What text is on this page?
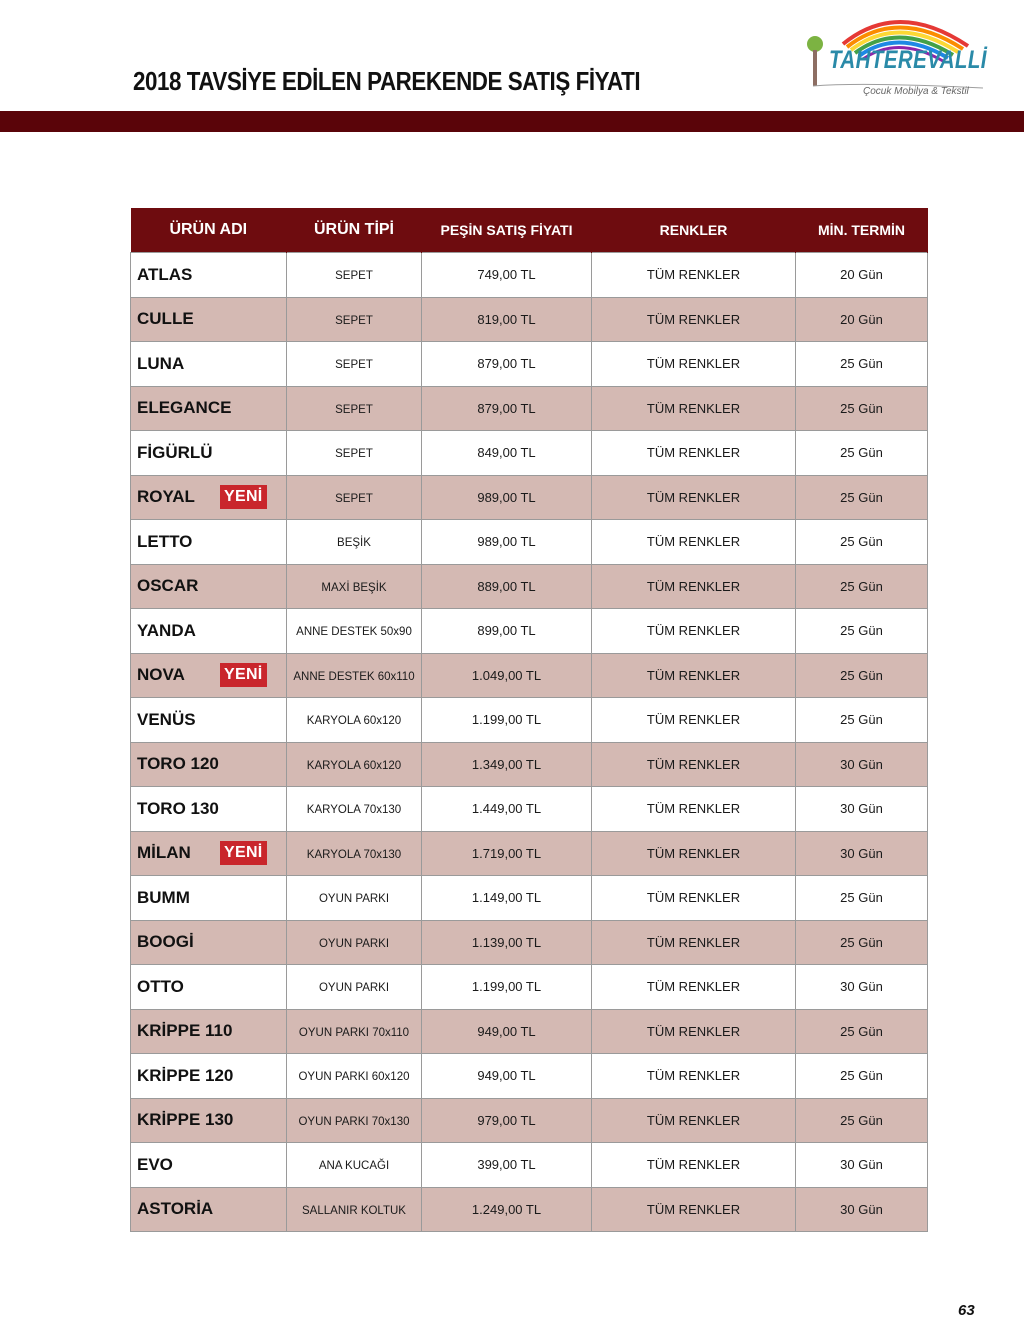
2018 TAVSİYE EDİLEN PAREKENDE SATIŞ FİYATI
TAHTEREVALLİ
Çocuk Mobilya & Tekstil
ÜRÜN ADI	ÜRÜN TİPİ	PEŞİN SATIŞ FİYATI	RENKLER	MİN. TERMİN
ATLAS	SEPET	749,00 TL	TÜM RENKLER	20 Gün
CULLE	SEPET	819,00 TL	TÜM RENKLER	20 Gün
LUNA	SEPET	879,00 TL	TÜM RENKLER	25 Gün
ELEGANCE	SEPET	879,00 TL	TÜM RENKLER	25 Gün
FİGÜRLÜ	SEPET	849,00 TL	TÜM RENKLER	25 Gün
ROYAL YENİ	SEPET	989,00 TL	TÜM RENKLER	25 Gün
LETTO	BEŞİK	989,00 TL	TÜM RENKLER	25 Gün
OSCAR	MAXİ BEŞİK	889,00 TL	TÜM RENKLER	25 Gün
YANDA	ANNE DESTEK 50x90	899,00 TL	TÜM RENKLER	25 Gün
NOVA YENİ	ANNE DESTEK 60x110	1.049,00 TL	TÜM RENKLER	25 Gün
VENÜS	KARYOLA 60x120	1.199,00 TL	TÜM RENKLER	25 Gün
TORO 120	KARYOLA 60x120	1.349,00 TL	TÜM RENKLER	30 Gün
TORO 130	KARYOLA 70x130	1.449,00 TL	TÜM RENKLER	30 Gün
MİLAN YENİ	KARYOLA 70x130	1.719,00 TL	TÜM RENKLER	30 Gün
BUMM	OYUN PARKI	1.149,00 TL	TÜM RENKLER	25 Gün
BOOGİ	OYUN PARKI	1.139,00 TL	TÜM RENKLER	25 Gün
OTTO	OYUN PARKI	1.199,00 TL	TÜM RENKLER	30 Gün
KRİPPE 110	OYUN PARKI 70x110	949,00 TL	TÜM RENKLER	25 Gün
KRİPPE 120	OYUN PARKI 60x120	949,00 TL	TÜM RENKLER	25 Gün
KRİPPE 130	OYUN PARKI 70x130	979,00 TL	TÜM RENKLER	25 Gün
EVO	ANA KUCAĞI	399,00 TL	TÜM RENKLER	30 Gün
ASTORİA	SALLANIR KOLTUK	1.249,00 TL	TÜM RENKLER	30 Gün
63
